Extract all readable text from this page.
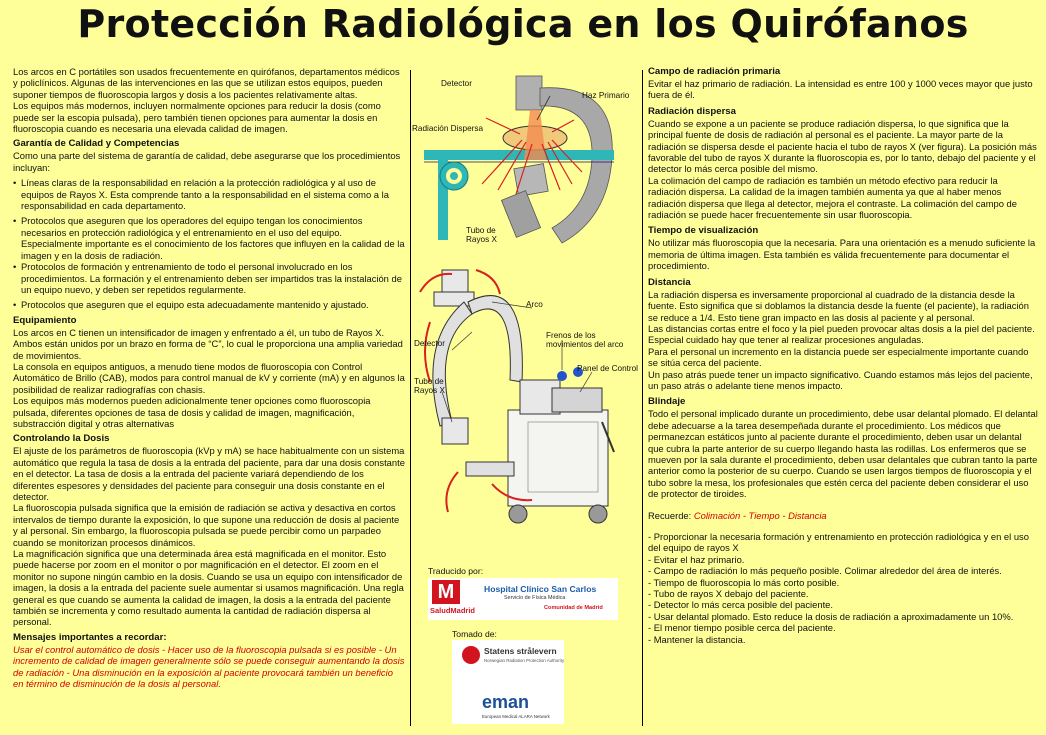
Protección Radiológica en los Quirófanos

Los arcos en C portátiles son usados frecuentemente en quirófanos, departamentos médicos y policlínicos. Algunas de las intervenciones en las que se utilizan estos equipos, pueden suponer tiempos de fluoroscopia largos y dosis a los pacientes relativamente altas.

Los equipos más modernos, incluyen normalmente opciones para reducir la dosis (como puede ser la escopia pulsada), pero también tienen opciones para aumentar la dosis en fluoroscopia cuando es necesaria una elevada calidad de imagen.

Garantía de Calidad y Competencias

Como una parte del sistema de garantía de calidad, debe asegurarse que los procedimientos incluyan:

• Líneas claras de la responsabilidad en relación a la protección radiológica y al uso de equipos de Rayos X. Esta comprende tanto a la responsabilidad en el sistema como a la responsabilidad en cada departamento.
• Protocolos que aseguren que los operadores del equipo tengan los conocimientos necesarios en protección radiológica y el entrenamiento en el uso del equipo. Especialmente importante es el conocimiento de los factores que influyen en la calidad de la imagen y en la dosis de radiación.
• Protocolos de formación y entrenamiento de todo el personal involucrado en los procedimientos. La formación y el entrenamiento deben ser impartidos tras la instalación de un equipo nuevo, y deben ser repetidos regularmente.
• Protocolos que aseguren que el equipo esta adecuadamente mantenido y ajustado.
Equipamiento

Los arcos en C tienen un intensificador de imagen y enfrentado a él, un tubo de Rayos X. Ambos están unidos por un brazo en forma de “C”, lo cual le proporciona una amplia variedad de movimientos.

La consola en equipos antiguos, a menudo tiene modos de fluoroscopia con Control Automático de Brillo (CAB), modos para control manual de kV y corriente (mA) y en algunos la posibilidad de realizar radiografías con chasis.

Los equipos más modernos pueden adicionalmente tener opciones como fluoroscopia pulsada, diferentes opciones de tasa de dosis y calidad de imagen, magnificación, substracción digital y otras alternativas

Controlando la Dosis

El ajuste de los parámetros de fluoroscopia (kVp y mA) se hace habitualmente con un sistema automático que regula la tasa de dosis a la entrada del paciente, para dar una dosis constante en el detector. La tasa de dosis a la entrada del paciente variará dependiendo de los diferentes espesores y densidades del paciente para conseguir una dosis constante en el detector.

La fluoroscopia pulsada significa que la emisión de radiación se activa y desactiva en cortos intervalos de tiempo durante la exposición, lo que supone una reducción de dosis al paciente y al personal. Sin embargo, la fluoroscopia pulsada se puede percibir como un parpadeo cuando se monitorizan procesos dinámicos.

La magnificación significa que una determinada área está magnificada en el monitor. Esto puede hacerse por zoom en el monitor o por magnificación en el detector. El zoom en el monitor no supone ningún cambio en la dosis. Cuando se usa un equipo con intensificador de imagen, la dosis a la entrada del paciente suele aumentar si usamos magnificación. Una regla general es que cuando se aumenta la calidad de imagen, la dosis a la entrada del paciente también se incrementa y como resultado aumenta la cantidad de radiación dispersa al personal.

Mensajes importantes a recordar:

Usar el control automático de dosis - Hacer uso de la fluoroscopia pulsada si es posible - Un incremento de calidad de imagen generalmente sólo se puede conseguir aumentando la dosis de radiación - Una disminución en la exposición al paciente provocará también un beneficio en término de disminución de la dosis al personal.

Detector
Haz Primario
Radiación Dispersa
Tubo de
Rayos X
Arco
Frenos de los
movimientos del arco
Detector
Panel de Control
Tubo de
Rayos X
Traducido por:
M
SaludMadrid
Hospital Clínico San Carlos
Servicio de Física Médica
Comunidad de Madrid
Tomado de:
Statens strålevern
Norwegian Radiation Protection Authority
eman
European Medical ALARA Network
Campo de radiación primaria

Evitar el haz primario de radiación. La intensidad es entre 100 y 1000 veces mayor que justo fuera de él.

Radiación dispersa

Cuando se expone a un paciente se produce radiación dispersa, lo que significa que la principal fuente de dosis de radiación al personal es el paciente. La mayor parte de la radiación se dispersa desde el paciente hacia el tubo de rayos X (ver figura). La posición más favorable del tubo de rayos X durante la fluoroscopia es, por lo tanto, debajo del paciente y el detector lo más cerca posible del mismo.

La colimación del campo de radiación es también un método efectivo para reducir la radiación dispersa. La calidad de la imagen también aumenta ya que al haber menos radiación dispersa que llega al detector, mejora el contraste. La colimación del campo de radiación se puede hacer frecuentemente sin usar fluoroscopia.

Tiempo de visualización

No utilizar más fluoroscopia que la necesaria. Para una orientación es a menudo suficiente la memoria de última imagen. Esta también es válida frecuentemente para documentar el procedimiento.

Distancia

La radiación dispersa es inversamente proporcional al cuadrado de la distancia desde la fuente. Esto significa que si doblamos la distancia desde la fuente (el paciente), la radiación se reduce a 1/4. Esto tiene gran impacto en las dosis al paciente y al personal.

Las distancias cortas entre el foco y la piel pueden provocar altas dosis a la piel del paciente. Especial cuidado hay que tener al realizar procesiones anguladas.

Para el personal un incremento en la distancia puede ser especialmente importante cuando se sitúa cerca del paciente.

Un paso atrás puede tener un impacto significativo. Cuando estamos más lejos del paciente, un paso atrás o adelante tiene menos impacto.

Blindaje

Todo el personal implicado durante un procedimiento, debe usar delantal plomado. El delantal debe adecuarse a la tarea desempeñada durante el procedimiento. Los médicos que permanezcan estáticos junto al paciente durante el procedimiento, deben usar un delantal que cubra la parte anterior de su cuerpo llegando hasta las rodillas. Los enfermeros que se mueven por la sala durante el procedimiento, deben usar delantales que cubran tanto la parte anterior como la posterior de su cuerpo. Cuando se usen largos tiempos de fluoroscopia y el tubo sobre la mesa, los profesionales que estén cerca del paciente deben considerar el uso de protector de tiroides.

Recuerde: Colimación - Tiempo - Distancia

- Proporcionar la necesaria formación y entrenamiento en protección radiológica y en el uso del equipo de rayos X
- Evitar el haz primario.
- Campo de radiación lo más pequeño posible. Colimar alrededor del área de interés.
- Tiempo de fluoroscopia lo más corto posible.
- Tubo de rayos X debajo del paciente.
- Detector lo más cerca posible del paciente.
- Usar delantal plomado. Esto reduce la dosis de radiación a aproximadamente un 10%.
- El menor tiempo posible cerca del paciente.
- Mantener la distancia.
